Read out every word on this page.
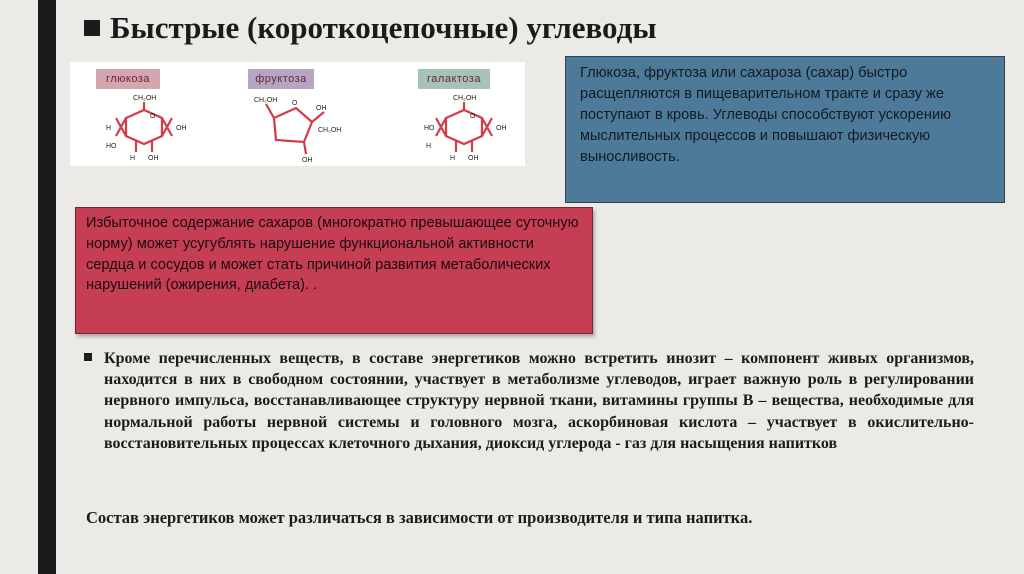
Быстрые (короткоцепочные) углеводы
глюкоза
CH₂OH
O
H	OH
HO
H OH
фруктоза
CH₂OH O
OH
CH₂OH
OH
галактоза
CH₂OH
O
HO	OH
H
H OH
Глюкоза, фруктоза или сахароза (сахар) быстро расщепляются в пищеварительном тракте и сразу же поступают в кровь. Углеводы способствуют ускорению мыслительных процессов и повышают физическую выносливость.
Избыточное содержание сахаров (многократно превышающее суточную норму) может усугублять нарушение функциональной активности сердца и сосудов и может стать причиной развития метаболических нарушений (ожирения, диабета). .
Кроме перечисленных веществ, в составе энергетиков можно встретить инозит – компонент живых организмов, находится в них в свободном состоянии, участвует в метаболизме углеводов, играет важную роль в регулировании нервного импульса, восстанавливающее структуру нервной ткани, витамины группы В – вещества, необходимые для нормальной работы нервной системы и головного мозга, аскорбиновая кислота – участвует в окислительно-восстановительных процессах клеточного дыхания, диоксид углерода - газ для насыщения напитков
Состав энергетиков может различаться в зависимости от производителя и типа напитка.
